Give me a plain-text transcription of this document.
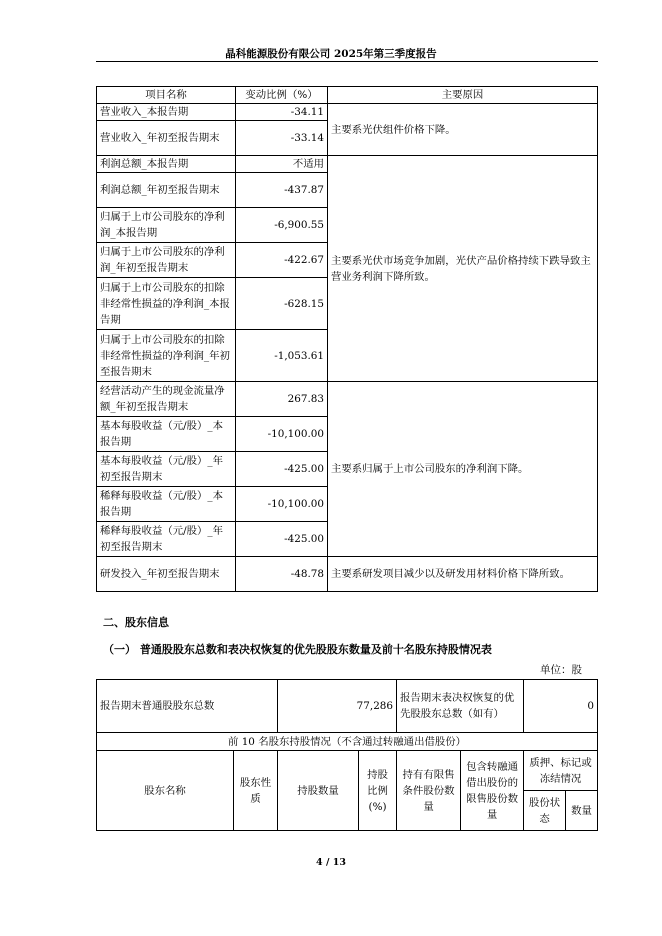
晶科能源股份有限公司 2025年第三季度报告
项目名称	变动比例（%）	主要原因
营业收入_本报告期	-34.11	主要系光伏组件价格下降。
营业收入_年初至报告期末	-33.14	
利润总额_本报告期	不适用	主要系光伏市场竞争加剧，光伏产品价格持续下跌导致主营业务利润下降所致。
利润总额_年初至报告期末	-437.87	
归属于上市公司股东的净利润_本报告期	-6,900.55	
归属于上市公司股东的净利润_年初至报告期末	-422.67	
归属于上市公司股东的扣除非经常性损益的净利润_本报告期	-628.15	
归属于上市公司股东的扣除非经常性损益的净利润_年初至报告期末	-1,053.61	
经营活动产生的现金流量净额_年初至报告期末	267.83	主要系归属于上市公司股东的净利润下降。
基本每股收益（元/股）_本报告期	-10,100.00	
基本每股收益（元/股）_年初至报告期末	-425.00	
稀释每股收益（元/股）_本报告期	-10,100.00	
稀释每股收益（元/股）_年初至报告期末	-425.00	
研发投入_年初至报告期末	-48.78	主要系研发项目减少以及研发用材料价格下降所致。
二、股东信息
（一） 普通股股东总数和表决权恢复的优先股股东数量及前十名股东持股情况表
单位：股
报告期末普通股股东总数		77,286		报告期末表决权恢复的优先股股东总数（如有）		0	
前 10 名股东持股情况（不含通过转融通出借股份）							
股东名称	股东性质	持股数量	持股比例(%)	持有有限售条件股份数量	包含转融通借出股份的限售股份数量	质押、标记或冻结情况	
						股份状态	数量
4 / 13
